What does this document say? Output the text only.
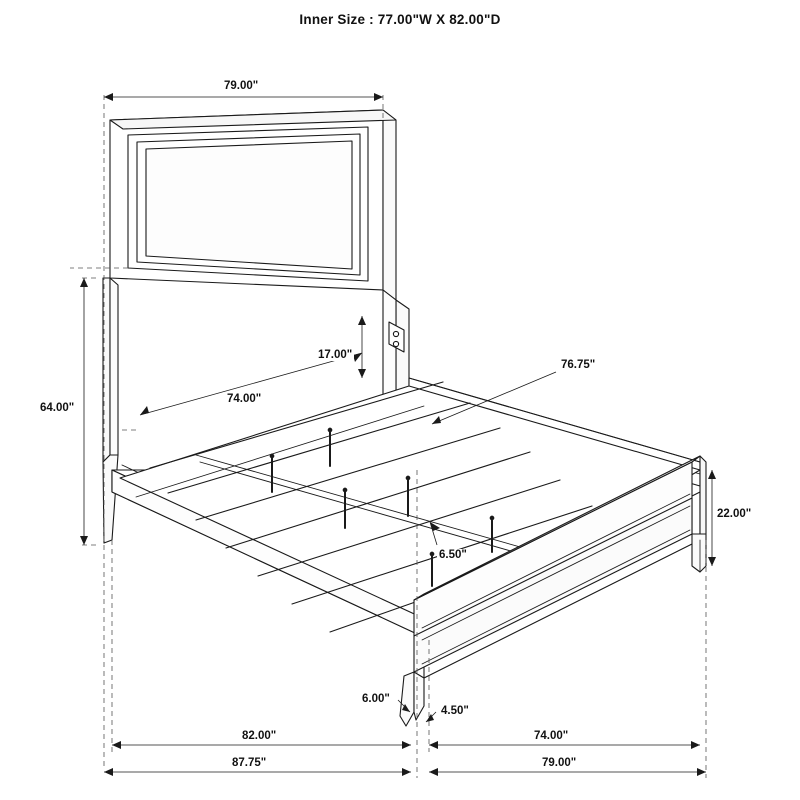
Inner Size : 77.00"W X 82.00"D
79.00"
64.00"
17.00"
74.00"
76.75"
22.00"
6.50"
6.00"
4.50"
82.00"	74.00"
87.75"	79.00"
